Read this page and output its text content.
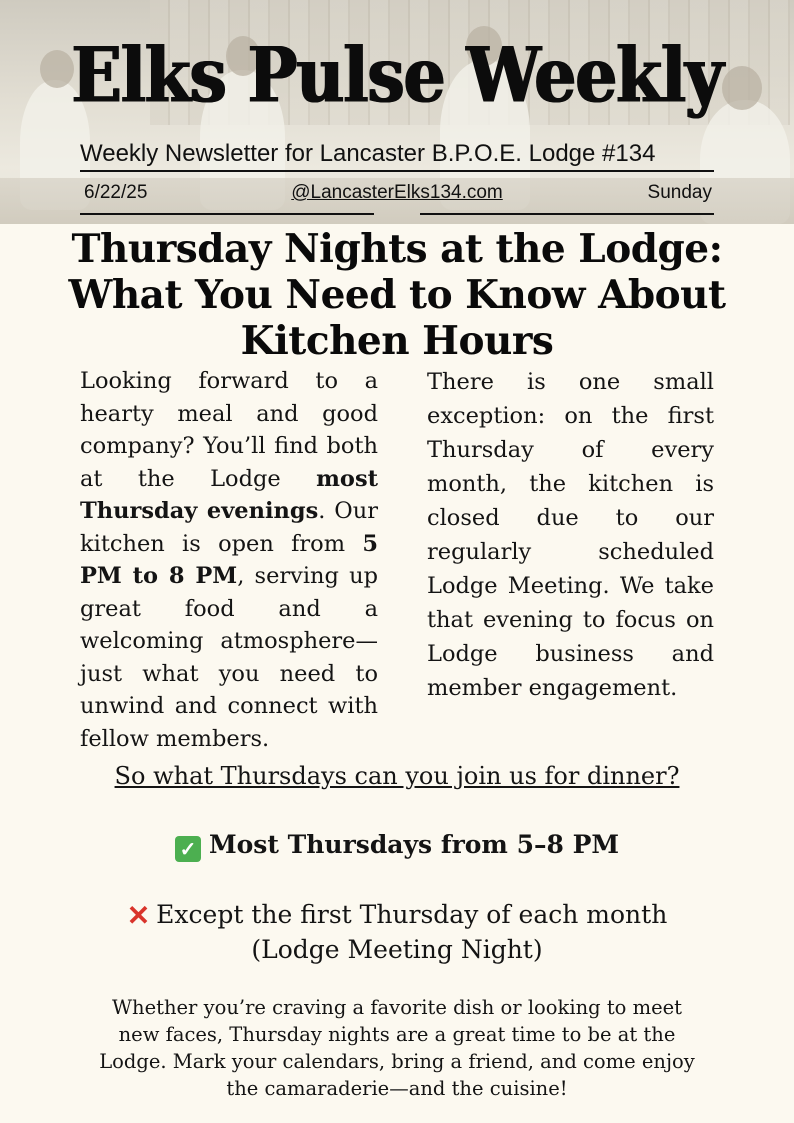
Elks Pulse Weekly
Weekly Newsletter for Lancaster B.P.O.E. Lodge #134
6/22/25	@LancasterElks134.com	Sunday
Thursday Nights at the Lodge: What You Need to Know About Kitchen Hours
Looking forward to a hearty meal and good company? You’ll find both at the Lodge most Thursday evenings. Our kitchen is open from 5 PM to 8 PM, serving up great food and a welcoming atmosphere—just what you need to unwind and connect with fellow members.
There is one small exception: on the first Thursday of every month, the kitchen is closed due to our regularly scheduled Lodge Meeting. We take that evening to focus on Lodge business and member engagement.
So what Thursdays can you join us for dinner?
✓ Most Thursdays from 5–8 PM
✕ Except the first Thursday of each month
(Lodge Meeting Night)
Whether you’re craving a favorite dish or looking to meet new faces, Thursday nights are a great time to be at the Lodge. Mark your calendars, bring a friend, and come enjoy the camaraderie—and the cuisine!
